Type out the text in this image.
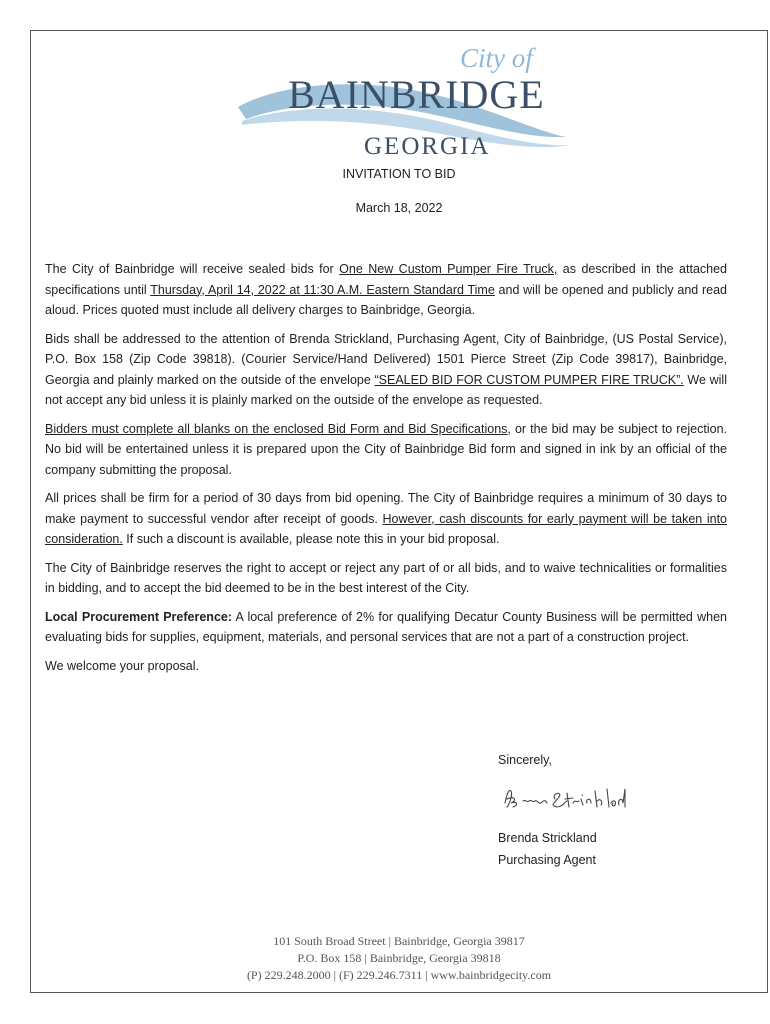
City of
BAINBRIDGE
GEORGIA
INVITATION TO BID
March 18, 2022

The City of Bainbridge will receive sealed bids for One New Custom Pumper Fire Truck, as described in the attached specifications until Thursday, April 14, 2022 at 11:30 A.M. Eastern Standard Time and will be opened and publicly and read aloud. Prices quoted must include all delivery charges to Bainbridge, Georgia.

Bids shall be addressed to the attention of Brenda Strickland, Purchasing Agent, City of Bainbridge, (US Postal Service), P.O. Box 158 (Zip Code 39818). (Courier Service/Hand Delivered) 1501 Pierce Street (Zip Code 39817), Bainbridge, Georgia and plainly marked on the outside of the envelope “SEALED BID FOR CUSTOM PUMPER FIRE TRUCK”. We will not accept any bid unless it is plainly marked on the outside of the envelope as requested.

Bidders must complete all blanks on the enclosed Bid Form and Bid Specifications, or the bid may be subject to rejection. No bid will be entertained unless it is prepared upon the City of Bainbridge Bid form and signed in ink by an official of the company submitting the proposal.

All prices shall be firm for a period of 30 days from bid opening. The City of Bainbridge requires a minimum of 30 days to make payment to successful vendor after receipt of goods. However, cash discounts for early payment will be taken into consideration. If such a discount is available, please note this in your bid proposal.

The City of Bainbridge reserves the right to accept or reject any part of or all bids, and to waive technicalities or formalities in bidding, and to accept the bid deemed to be in the best interest of the City.

Local Procurement Preference: A local preference of 2% for qualifying Decatur County Business will be permitted when evaluating bids for supplies, equipment, materials, and personal services that are not a part of a construction project.

We welcome your proposal.

Sincerely,
Brenda Strickland
Purchasing Agent
101 South Broad Street | Bainbridge, Georgia 39817
P.O. Box 158 | Bainbridge, Georgia 39818
(P) 229.248.2000 | (F) 229.246.7311 | www.bainbridgecity.com
